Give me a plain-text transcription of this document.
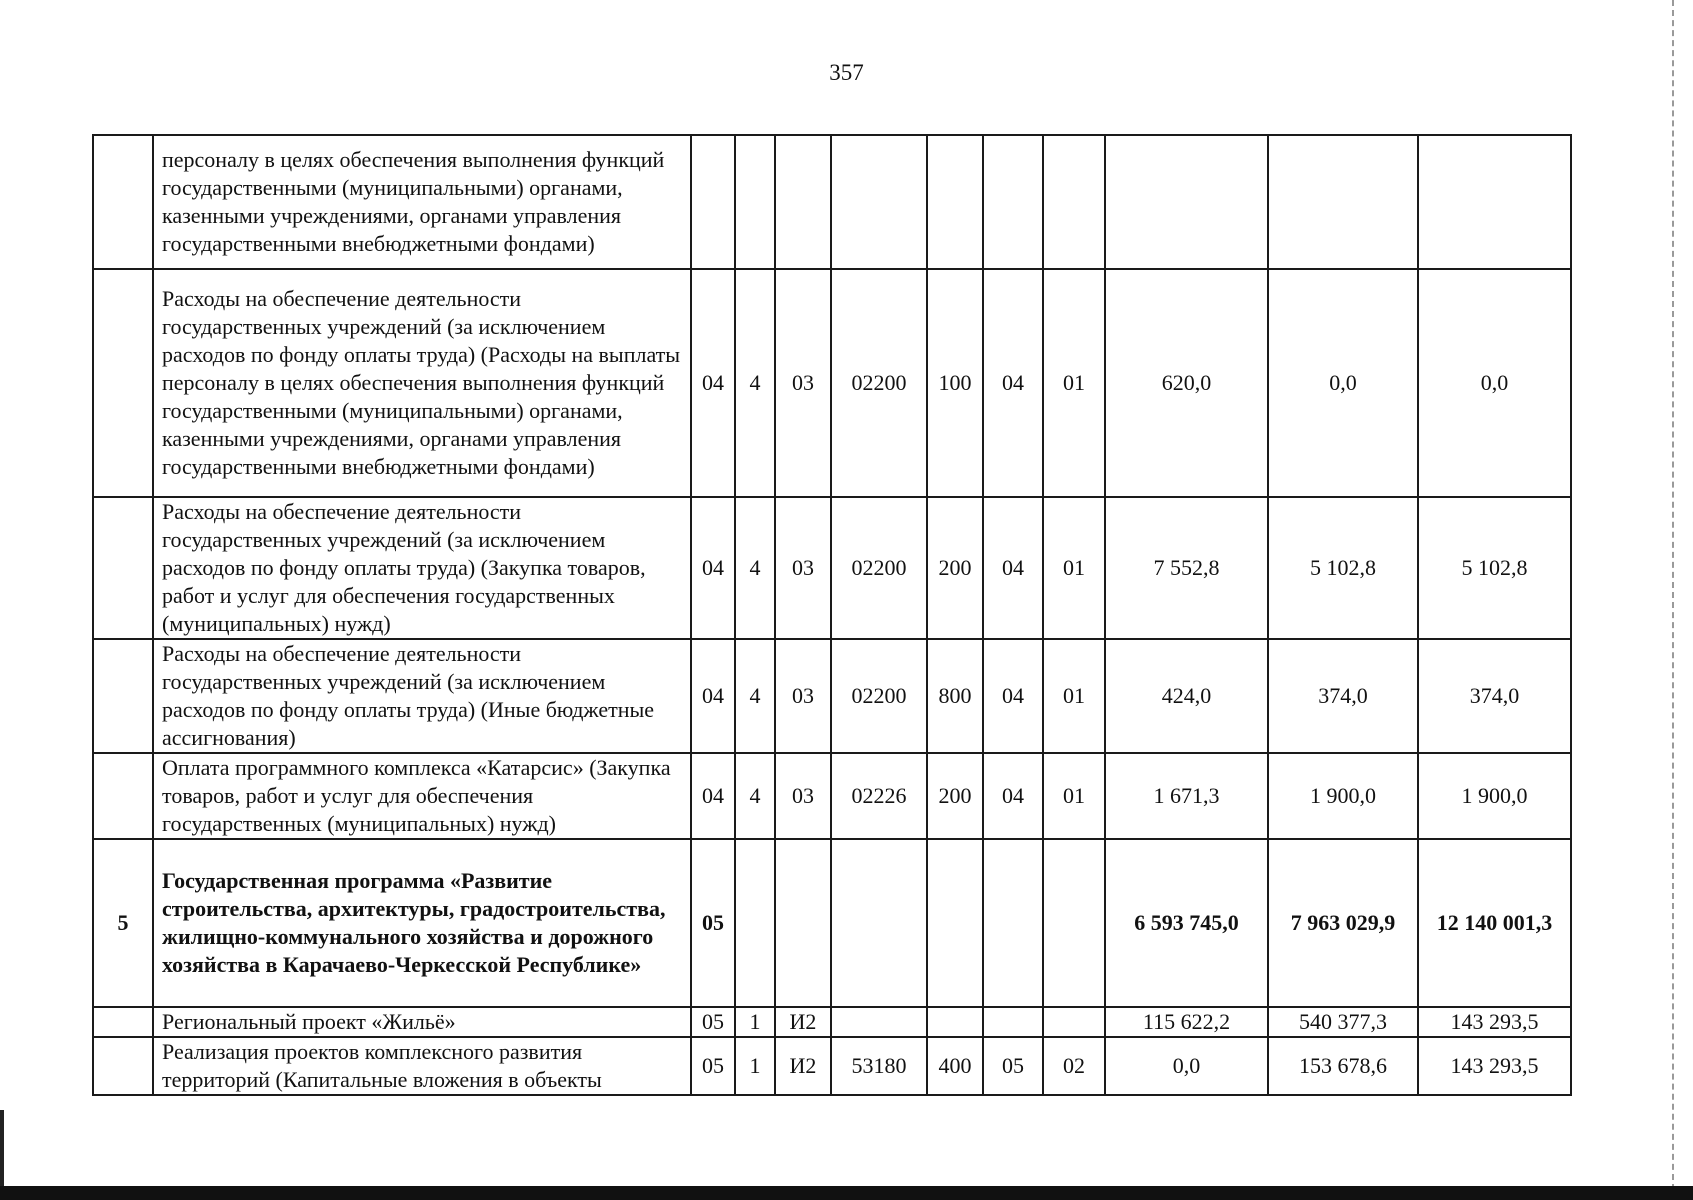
357
	персоналу в целях обеспечения выполнения функций государственными (муниципальными) органами, казенными учреждениями, органами управления государственными внебюджетными фондами)										
	Расходы на обеспечение деятельности государственных учреждений (за исключением расходов по фонду оплаты труда) (Расходы на выплаты персоналу в целях обеспечения выполнения функций государственными (муниципальными) органами, казенными учреждениями, органами управления государственными внебюджетными фондами)	04	4	03	02200	100	04	01	620,0	0,0	0,0
	Расходы на обеспечение деятельности государственных учреждений (за исключением расходов по фонду оплаты труда) (Закупка товаров, работ и услуг для обеспечения государственных (муниципальных) нужд)	04	4	03	02200	200	04	01	7 552,8	5 102,8	5 102,8
	Расходы на обеспечение деятельности государственных учреждений (за исключением расходов по фонду оплаты труда) (Иные бюджетные ассигнования)	04	4	03	02200	800	04	01	424,0	374,0	374,0
	Оплата программного комплекса «Катарсис» (Закупка товаров, работ и услуг для обеспечения государственных (муниципальных) нужд)	04	4	03	02226	200	04	01	1 671,3	1 900,0	1 900,0
5	Государственная программа «Развитие строительства, архитектуры, градостроительства, жилищно-коммунального хозяйства и дорожного хозяйства в Карачаево-Черкесской Республике»	05							6 593 745,0	7 963 029,9	12 140 001,3
	Региональный проект «Жильё»	05	1	И2					115 622,2	540 377,3	143 293,5
	Реализация проектов комплексного развития территорий (Капитальные вложения в объекты	05	1	И2	53180	400	05	02	0,0	153 678,6	143 293,5
